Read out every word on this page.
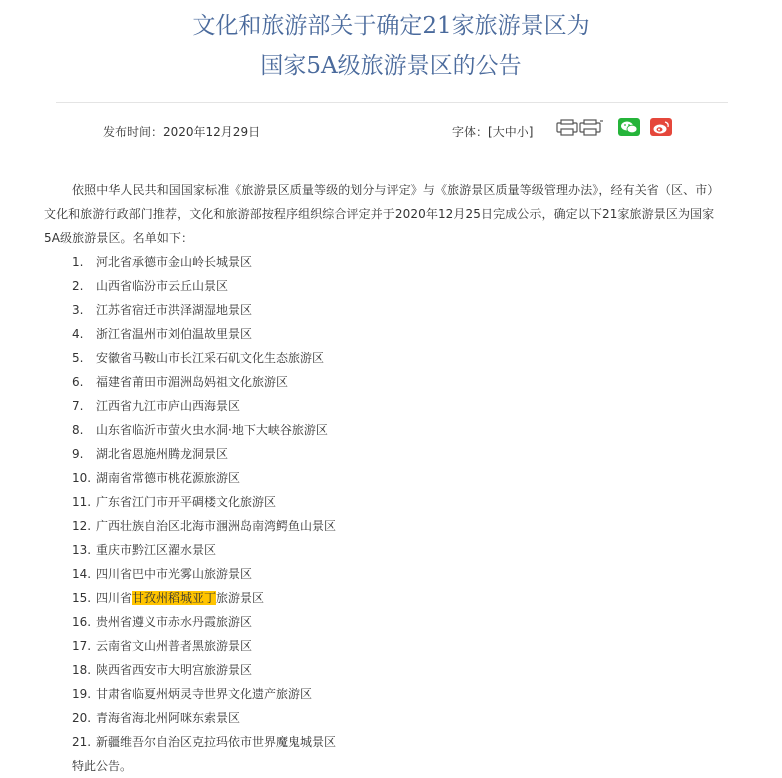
文化和旅游部关于确定21家旅游景区为
国家5A级旅游景区的公告
发布时间：2020年12月29日	字体：[大中小]

依照中华人民共和国国家标准《旅游景区质量等级的划分与评定》与《旅游景区质量等级管理办法》，经有关省（区、市）文化和旅游行政部门推荐，文化和旅游部按程序组织综合评定并于2020年12月25日完成公示，确定以下21家旅游景区为国家5A级旅游景区。名单如下：

1. 河北省承德市金山岭长城景区
2. 山西省临汾市云丘山景区
3. 江苏省宿迁市洪泽湖湿地景区
4. 浙江省温州市刘伯温故里景区
5. 安徽省马鞍山市长江采石矶文化生态旅游区
6. 福建省莆田市湄洲岛妈祖文化旅游区
7. 江西省九江市庐山西海景区
8. 山东省临沂市萤火虫水洞·地下大峡谷旅游区
9. 湖北省恩施州腾龙洞景区
10. 湖南省常德市桃花源旅游区
11. 广东省江门市开平碉楼文化旅游区
12. 广西壮族自治区北海市涠洲岛南湾鳄鱼山景区
13. 重庆市黔江区濯水景区
14. 四川省巴中市光雾山旅游景区
15. 四川省甘孜州稻城亚丁旅游景区
16. 贵州省遵义市赤水丹霞旅游区
17. 云南省文山州普者黑旅游景区
18. 陕西省西安市大明宫旅游景区
19. 甘肃省临夏州炳灵寺世界文化遗产旅游区
20. 青海省海北州阿咪东索景区
21. 新疆维吾尔自治区克拉玛依市世界魔鬼城景区
特此公告。
